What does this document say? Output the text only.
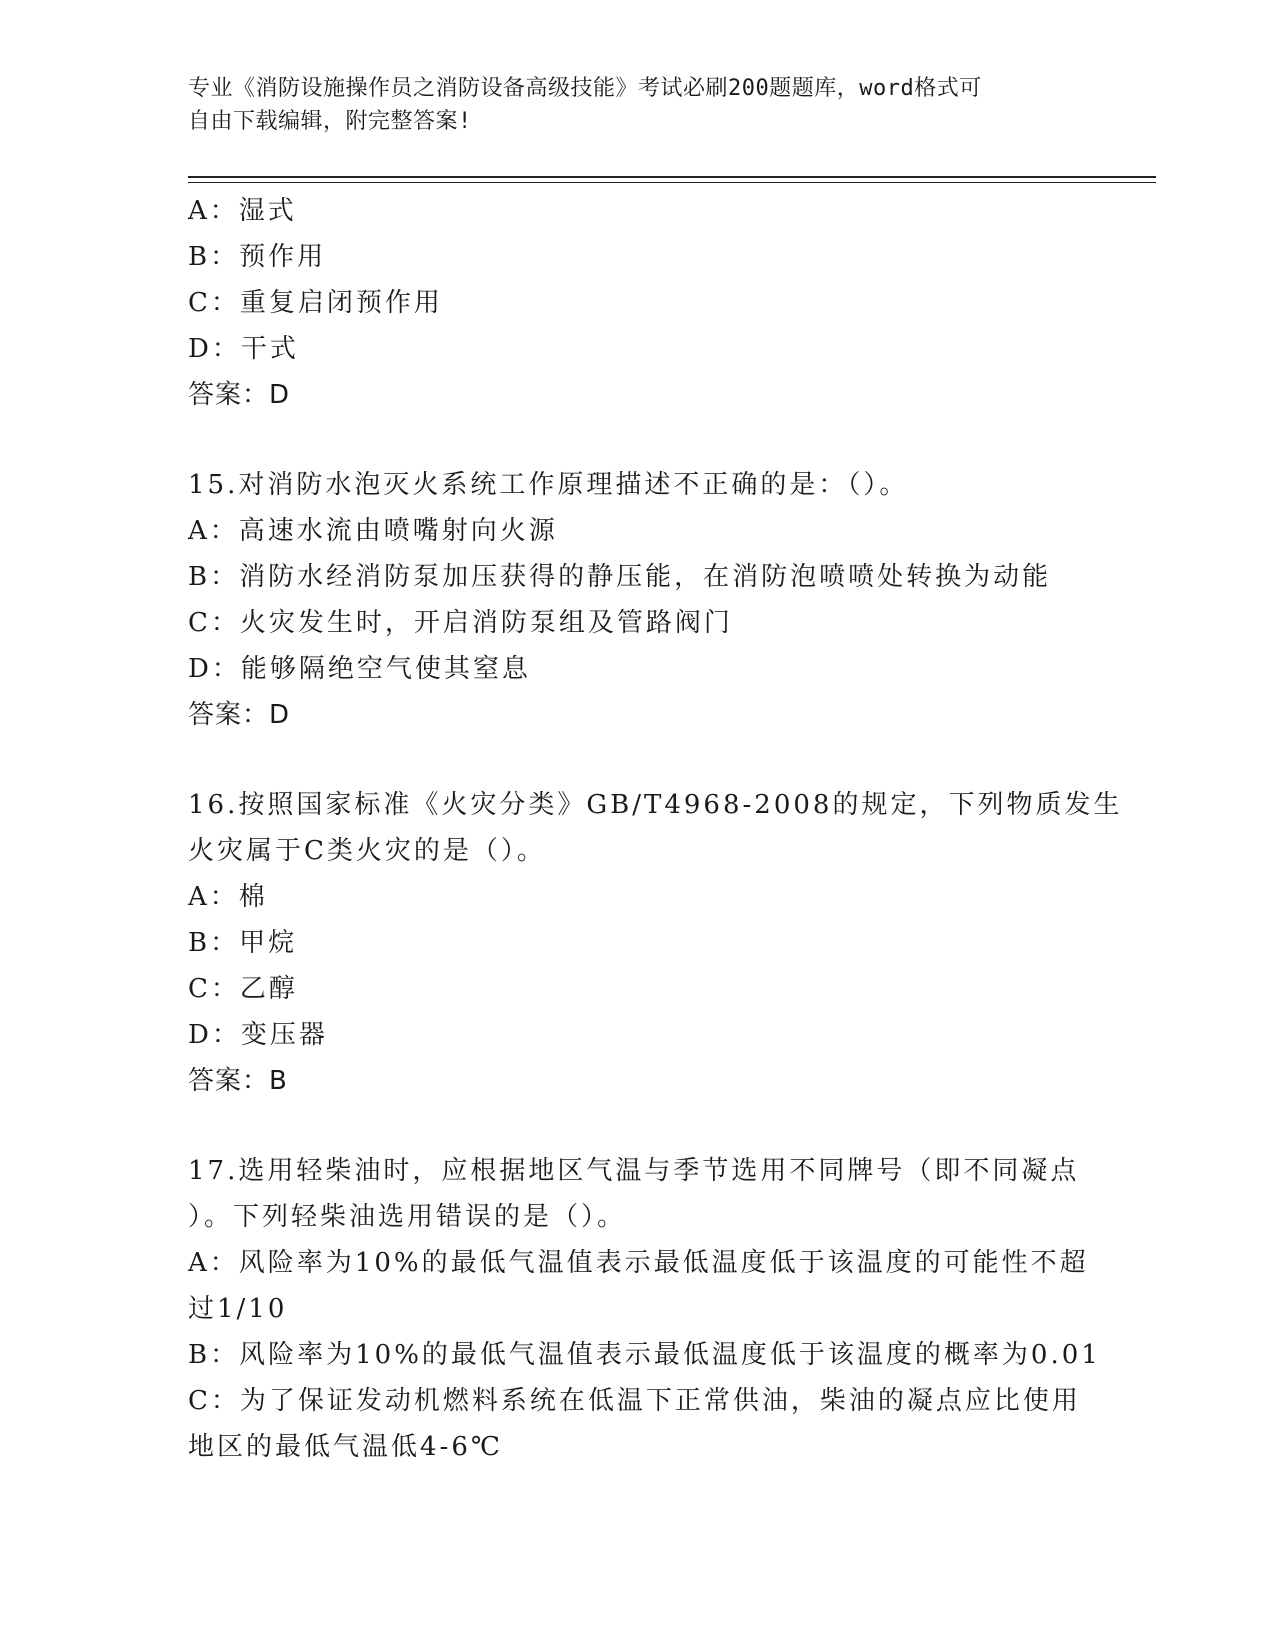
专业《消防设施操作员之消防设备高级技能》考试必刷200题题库，word格式可
自由下载编辑，附完整答案!
A：湿式
B：预作用
C：重复启闭预作用
D：干式
答案：D
15.对消防水泡灭火系统工作原理描述不正确的是：（）。
A：高速水流由喷嘴射向火源
B：消防水经消防泵加压获得的静压能，在消防泡喷喷处转换为动能
C：火灾发生时，开启消防泵组及管路阀门
D：能够隔绝空气使其窒息
答案：D
16.按照国家标准《火灾分类》GB/T4968-2008的规定，下列物质发生
火灾属于C类火灾的是（）。
A：棉
B：甲烷
C：乙醇
D：变压器
答案：B
17.选用轻柴油时，应根据地区气温与季节选用不同牌号（即不同凝点
）。下列轻柴油选用错误的是（）。
A：风险率为10%的最低气温值表示最低温度低于该温度的可能性不超
过1/10
B：风险率为10%的最低气温值表示最低温度低于该温度的概率为0.01
C：为了保证发动机燃料系统在低温下正常供油，柴油的凝点应比使用
地区的最低气温低4-6℃
